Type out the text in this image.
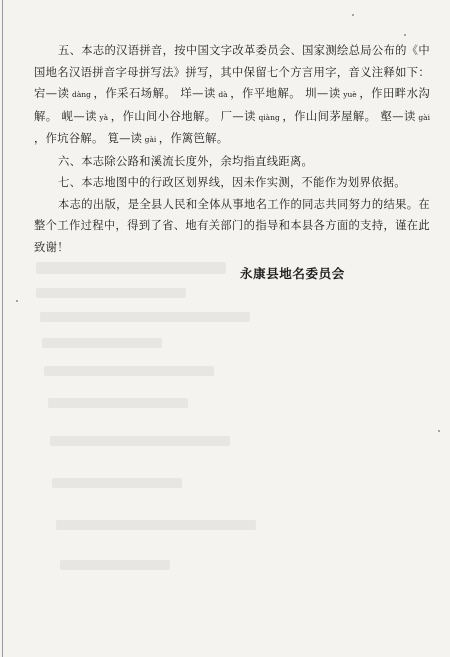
五、本志的汉语拼音，按中国文字改革委员会、国家测绘总局公布的《中国地名汉语拼音字母拼写法》拼写，其中保留七个方言用字，音义注释如下：宕—读 dàng ，作采石场解。 垟—读 dà ，作平地解。 圳—读 yuè ，作田畔水沟解。 岘—读 yà ，作山间小谷地解。 厂—读 qiàng ，作山间茅屋解。 壑—读 gài ，作坑谷解。 筧—读 gài ，作篱笆解。

六、本志除公路和溪流长度外，余均指直线距离。

七、本志地图中的行政区划界线，因未作实测，不能作为划界依据。

本志的出版，是全县人民和全体从事地名工作的同志共同努力的结果。在整个工作过程中，得到了省、地有关部门的指导和本县各方面的支持，谨在此致谢！

永康县地名委员会
